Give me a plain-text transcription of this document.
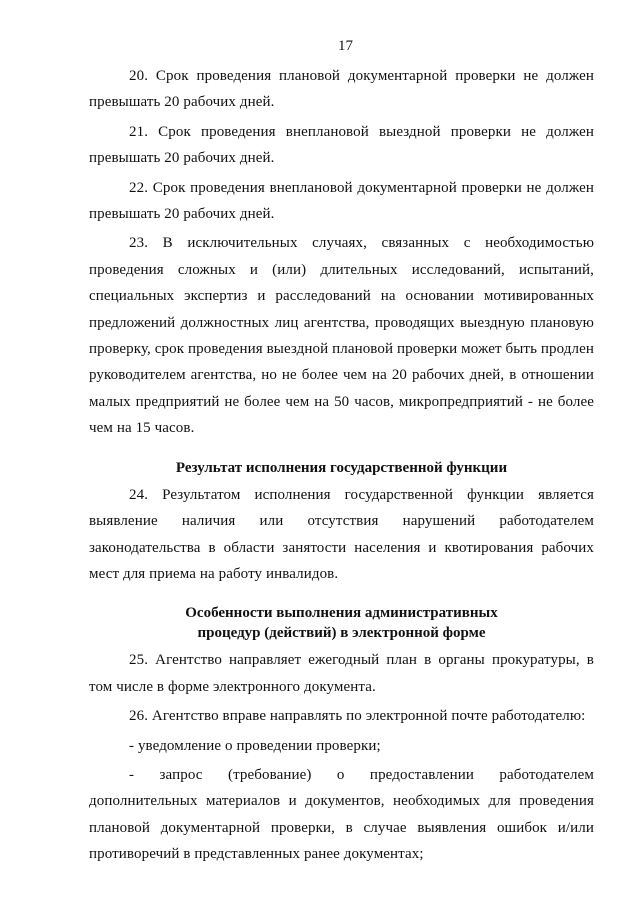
17

20. Срок проведения плановой документарной проверки не должен превышать 20 рабочих дней.

21. Срок проведения внеплановой выездной проверки не должен превышать 20 рабочих дней.

22. Срок проведения внеплановой документарной проверки не должен превышать 20 рабочих дней.

23. В исключительных случаях, связанных с необходимостью проведения сложных и (или) длительных исследований, испытаний, специальных экспертиз и расследований на основании мотивированных предложений должностных лиц агентства, проводящих выездную плановую проверку, срок проведения выездной плановой проверки может быть продлен руководителем агентства, но не более чем на 20 рабочих дней, в отношении малых предприятий не более чем на 50 часов, микропредприятий - не более чем на 15 часов.

Результат исполнения государственной функции

24. Результатом исполнения государственной функции является выявление наличия или отсутствия нарушений работодателем законодательства в области занятости населения и квотирования рабочих мест для приема на работу инвалидов.

Особенности выполнения административных
процедур (действий) в электронной форме

25. Агентство направляет ежегодный план в органы прокуратуры, в том числе в форме электронного документа.

26. Агентство вправе направлять по электронной почте работодателю:

- уведомление о проведении проверки;

- запрос (требование) о предоставлении работодателем дополнительных материалов и документов, необходимых для проведения плановой документарной проверки, в случае выявления ошибок и/или противоречий в представленных ранее документах;
